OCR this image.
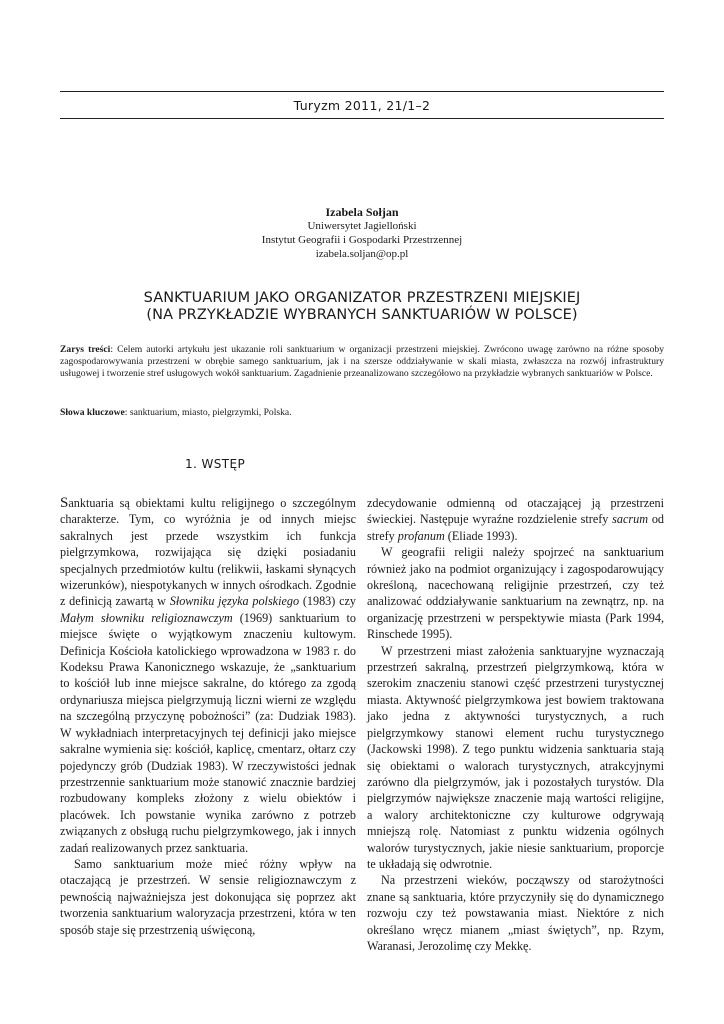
Turyzm 2011, 21/1–2
Izabela Sołjan
Uniwersytet Jagielloński
Instytut Geografii i Gospodarki Przestrzennej
izabela.soljan@op.pl
SANKTUARIUM JAKO ORGANIZATOR PRZESTRZENI MIEJSKIEJ
(NA PRZYKŁADZIE WYBRANYCH SANKTUARIÓW W POLSCE)
Zarys treści: Celem autorki artykułu jest ukazanie roli sanktuarium w organizacji przestrzeni miejskiej. Zwrócono uwagę zarówno na różne sposoby zagospodarowywania przestrzeni w obrębie samego sanktuarium, jak i na szersze oddziaływanie w skali miasta, zwłaszcza na rozwój infrastruktury usługowej i tworzenie stref usługowych wokół sanktuarium. Zagadnienie przeanalizowano szczegółowo na przykładzie wybranych sanktuariów w Polsce.
Słowa kluczowe: sanktuarium, miasto, pielgrzymki, Polska.
1. WSTĘP

Sanktuaria są obiektami kultu religijnego o szczególnym charakterze. Tym, co wyróżnia je od innych miejsc sakralnych jest przede wszystkim ich funkcja pielgrzymkowa, rozwijająca się dzięki posiadaniu specjalnych przedmiotów kultu (relikwii, łaskami słynących wizerunków), niespotykanych w innych ośrodkach. Zgodnie z definicją zawartą w Słowniku języka polskiego (1983) czy Małym słowniku religioznawczym (1969) sanktuarium to miejsce święte o wyjątkowym znaczeniu kultowym. Definicja Kościoła katolickiego wprowadzona w 1983 r. do Kodeksu Prawa Kanonicznego wskazuje, że „sanktuarium to kościół lub inne miejsce sakralne, do którego za zgodą ordynariusza miejsca pielgrzymują liczni wierni ze względu na szczególną przyczynę pobożności” (za: Dudziak 1983). W wykładniach interpretacyjnych tej definicji jako miejsce sakralne wymienia się: kościół, kaplicę, cmentarz, ołtarz czy pojedynczy grób (Dudziak 1983). W rzeczywistości jednak przestrzennie sanktuarium może stanowić znacznie bardziej rozbudowany kompleks złożony z wielu obiektów i placówek. Ich powstanie wynika zarówno z potrzeb związanych z obsługą ruchu pielgrzymkowego, jak i innych zadań realizowanych przez sanktuaria.

Samo sanktuarium może mieć różny wpływ na otaczającą je przestrzeń. W sensie religioznawczym z pewnością najważniejsza jest dokonująca się poprzez akt tworzenia sanktuarium waloryzacja przestrzeni, która w ten sposób staje się przestrzenią uświęconą,

zdecydowanie odmienną od otaczającej ją przestrzeni świeckiej. Następuje wyraźne rozdzielenie strefy sacrum od strefy profanum (Eliade 1993).

W geografii religii należy spojrzeć na sanktuarium również jako na podmiot organizujący i zagospodarowujący określoną, nacechowaną religijnie przestrzeń, czy też analizować oddziaływanie sanktuarium na zewnątrz, np. na organizację przestrzeni w perspektywie miasta (Park 1994, Rinschede 1995).

W przestrzeni miast założenia sanktuaryjne wyznaczają przestrzeń sakralną, przestrzeń pielgrzymkową, która w szerokim znaczeniu stanowi część przestrzeni turystycznej miasta. Aktywność pielgrzymkowa jest bowiem traktowana jako jedna z aktywności turystycznych, a ruch pielgrzymkowy stanowi element ruchu turystycznego (Jackowski 1998). Z tego punktu widzenia sanktuaria stają się obiektami o walorach turystycznych, atrakcyjnymi zarówno dla pielgrzymów, jak i pozostałych turystów. Dla pielgrzymów największe znaczenie mają wartości religijne, a walory architektoniczne czy kulturowe odgrywają mniejszą rolę. Natomiast z punktu widzenia ogólnych walorów turystycznych, jakie niesie sanktuarium, proporcje te układają się odwrotnie.

Na przestrzeni wieków, począwszy od starożytności znane są sanktuaria, które przyczyniły się do dynamicznego rozwoju czy też powstawania miast. Niektóre z nich określano wręcz mianem „miast świętych”, np. Rzym, Waranasi, Jerozolimę czy Mekkę.
